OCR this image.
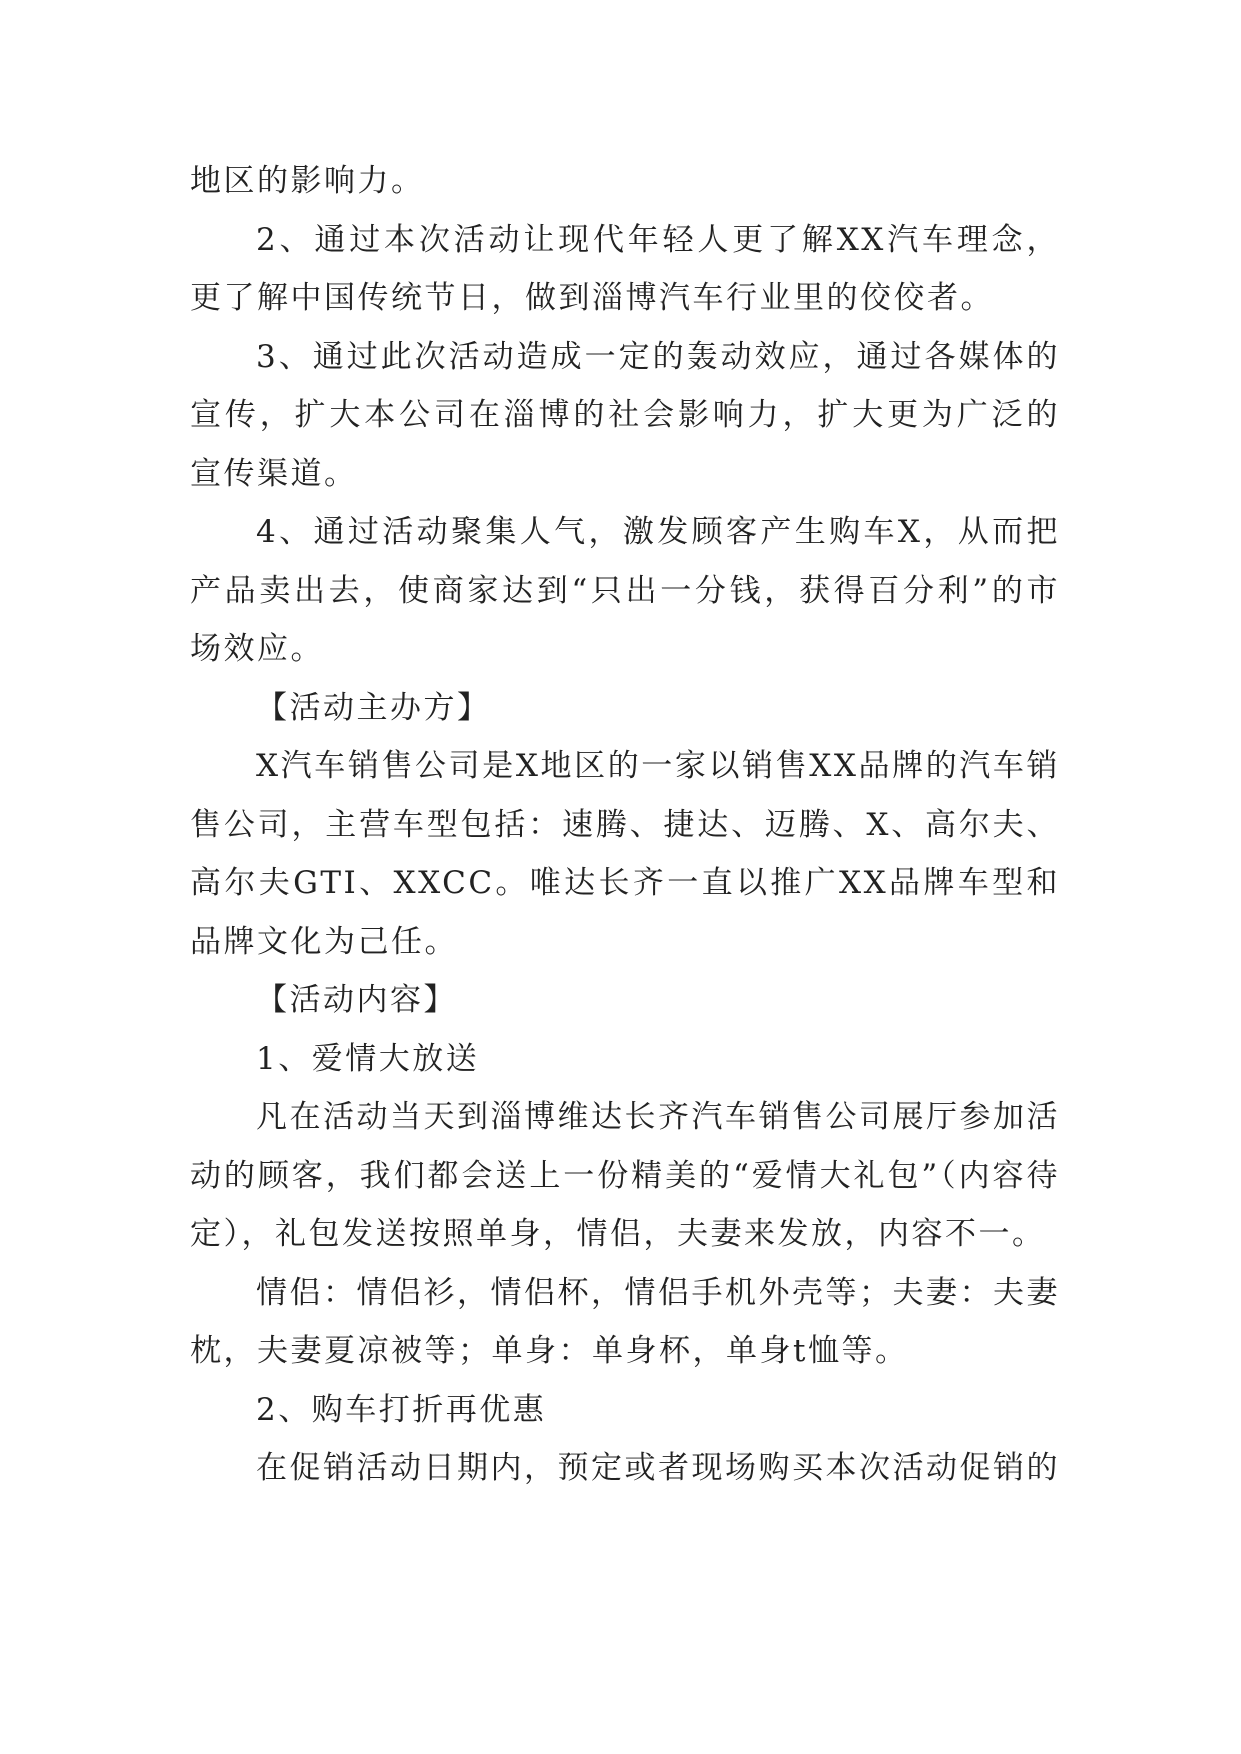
地区的影响力。

2、通过本次活动让现代年轻人更了解XX汽车理念，更了解中国传统节日，做到淄博汽车行业里的佼佼者。

3、通过此次活动造成一定的轰动效应，通过各媒体的宣传，扩大本公司在淄博的社会影响力，扩大更为广泛的宣传渠道。

4、通过活动聚集人气，激发顾客产生购车X，从而把产品卖出去，使商家达到“只出一分钱，获得百分利”的市场效应。

【活动主办方】

X汽车销售公司是X地区的一家以销售XX品牌的汽车销售公司，主营车型包括：速腾、捷达、迈腾、X、高尔夫、高尔夫GTI、XXCC。唯达长齐一直以推广XX品牌车型和品牌文化为己任。

【活动内容】

1、爱情大放送

凡在活动当天到淄博维达长齐汽车销售公司展厅参加活动的顾客，我们都会送上一份精美的“爱情大礼包”（内容待定），礼包发送按照单身，情侣，夫妻来发放，内容不一。

情侣：情侣衫，情侣杯，情侣手机外壳等；夫妻：夫妻枕，夫妻夏凉被等；单身：单身杯，单身t恤等。

2、购车打折再优惠

在促销活动日期内，预定或者现场购买本次活动促销的
